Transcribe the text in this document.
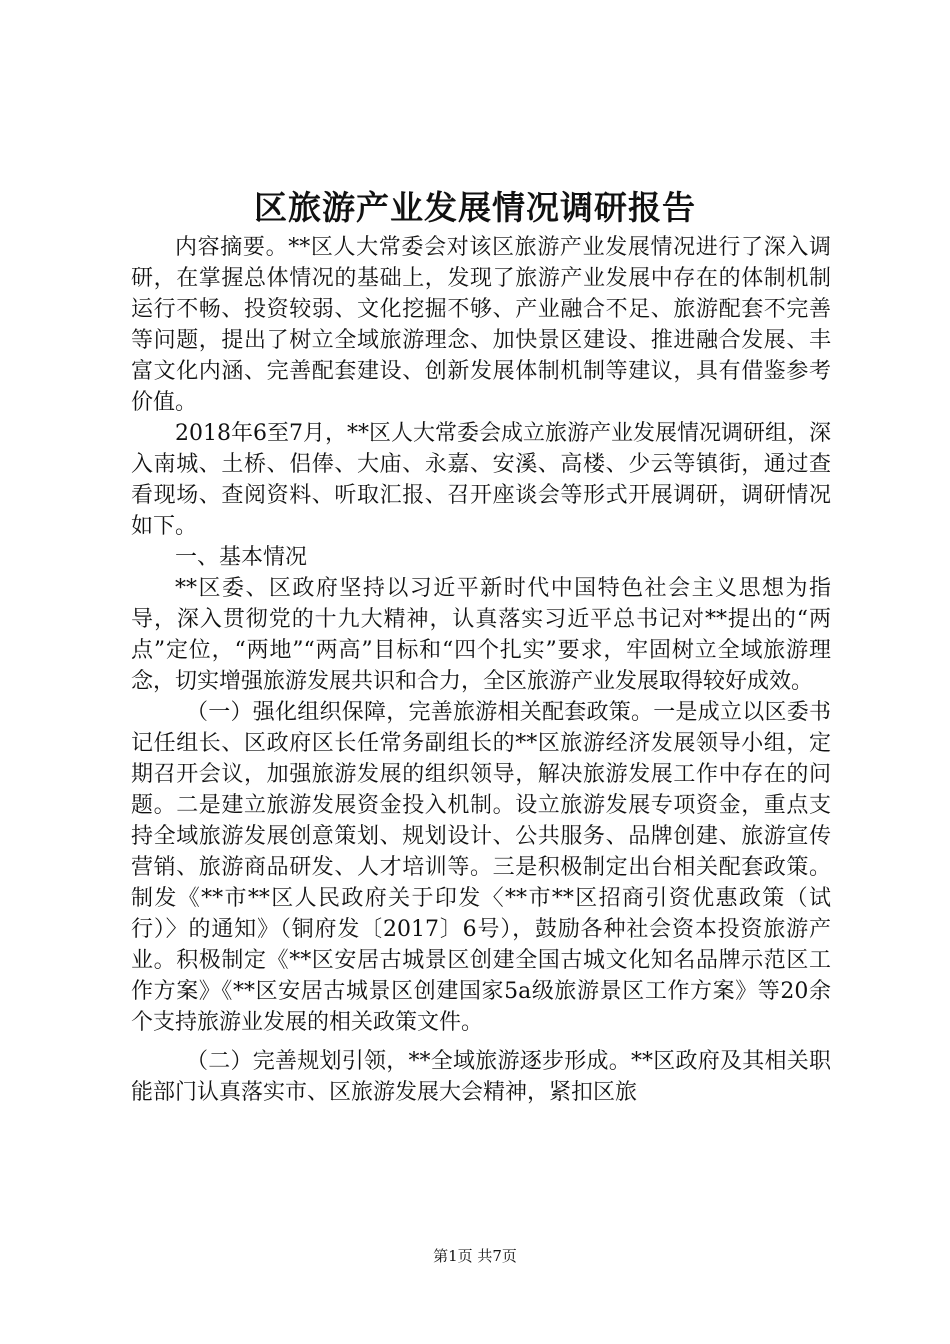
区旅游产业发展情况调研报告

内容摘要。**区人大常委会对该区旅游产业发展情况进行了深入调研，在掌握总体情况的基础上，发现了旅游产业发展中存在的体制机制运行不畅、投资较弱、文化挖掘不够、产业融合不足、旅游配套不完善等问题，提出了树立全域旅游理念、加快景区建设、推进融合发展、丰富文化内涵、完善配套建设、创新发展体制机制等建议，具有借鉴参考价值。

2018年6至7月，**区人大常委会成立旅游产业发展情况调研组，深入南城、土桥、侣俸、大庙、永嘉、安溪、高楼、少云等镇街，通过查看现场、查阅资料、听取汇报、召开座谈会等形式开展调研，调研情况如下。

一、基本情况

**区委、区政府坚持以习近平新时代中国特色社会主义思想为指导，深入贯彻党的十九大精神，认真落实习近平总书记对**提出的“两点”定位，“两地”“两高”目标和“四个扎实”要求，牢固树立全域旅游理念，切实增强旅游发展共识和合力，全区旅游产业发展取得较好成效。

（一）强化组织保障，完善旅游相关配套政策。一是成立以区委书记任组长、区政府区长任常务副组长的**区旅游经济发展领导小组，定期召开会议，加强旅游发展的组织领导，解决旅游发展工作中存在的问题。二是建立旅游发展资金投入机制。设立旅游发展专项资金，重点支持全域旅游发展创意策划、规划设计、公共服务、品牌创建、旅游宣传营销、旅游商品研发、人才培训等。三是积极制定出台相关配套政策。制发《**市**区人民政府关于印发〈**市**区招商引资优惠政策（试行）〉的通知》（铜府发〔2017〕6号），鼓励各种社会资本投资旅游产业。积极制定《**区安居古城景区创建全国古城文化知名品牌示范区工作方案》《**区安居古城景区创建国家5a级旅游景区工作方案》等20余个支持旅游业发展的相关政策文件。

（二）完善规划引领，**全域旅游逐步形成。**区政府及其相关职能部门认真落实市、区旅游发展大会精神，紧扣区旅

第1页 共7页
